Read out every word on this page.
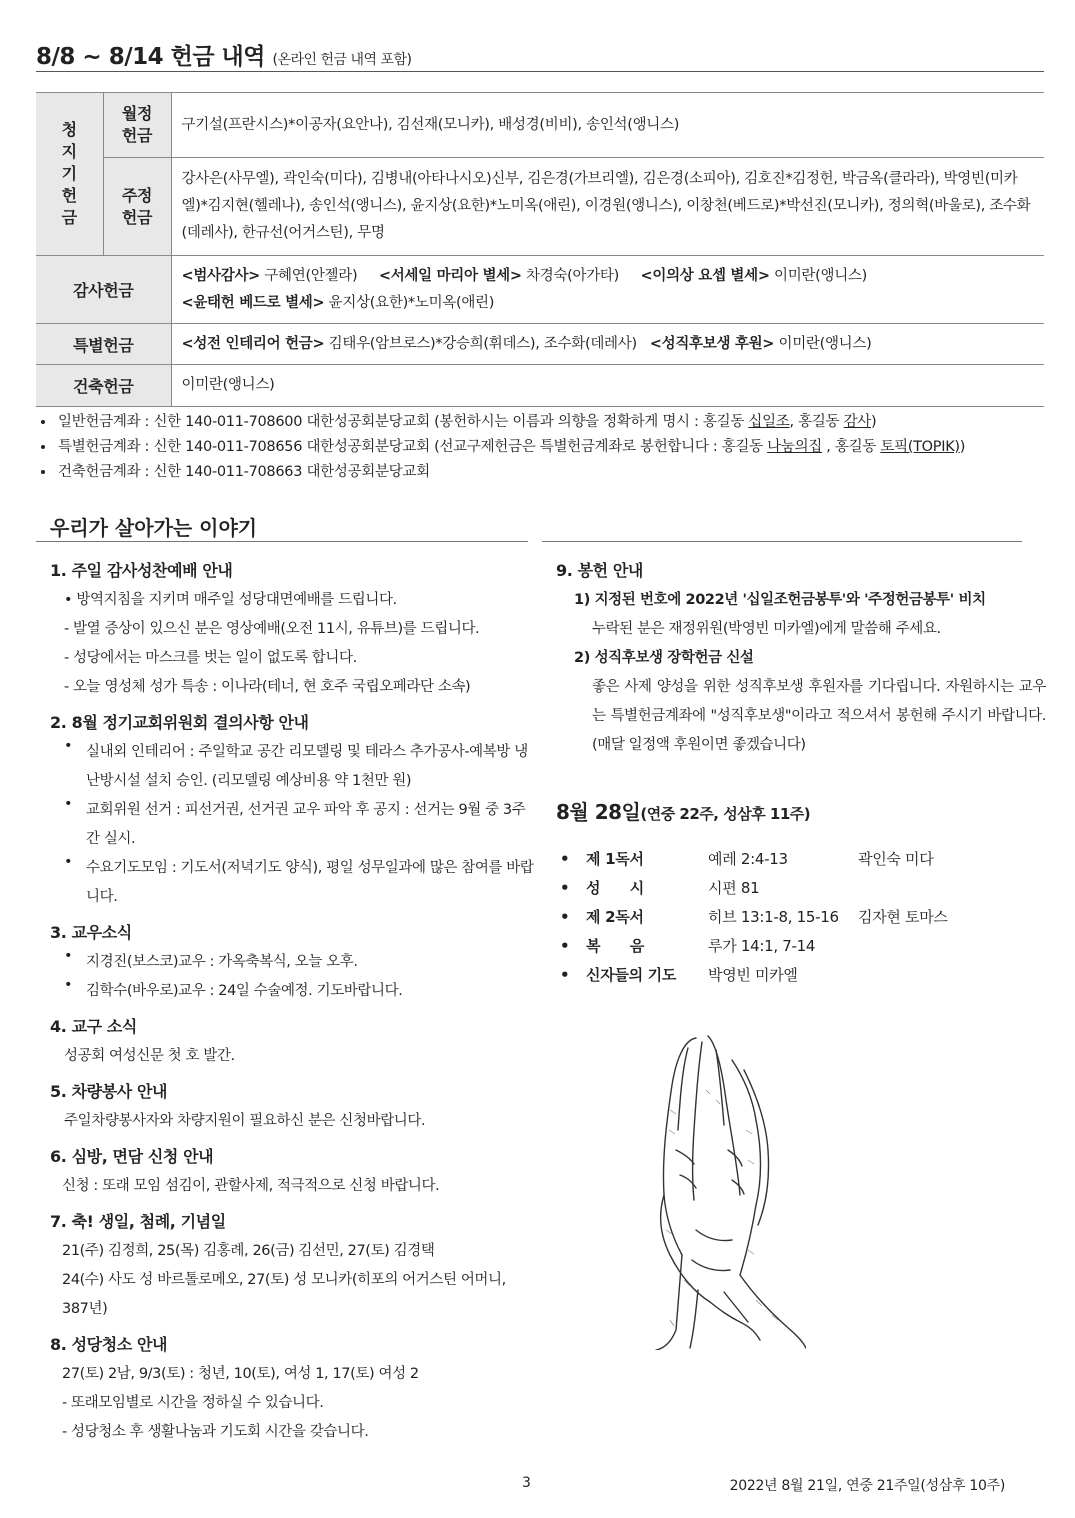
8/8 ~ 8/14 헌금 내역 (온라인 헌금 내역 포함)
청지기헌금	월정헌금	구기설(프란시스)*이공자(요안나), 김선재(모니카), 배성경(비비), 송인석(앵니스)
	주정헌금	강사은(사무엘), 곽인숙(미다), 김병내(아타나시오)신부, 김은경(가브리엘), 김은경(소피아), 김호진*김정헌, 박금옥(클라라), 박영빈(미카엘)*김지현(헬레나), 송인석(앵니스), 윤지상(요한)*노미옥(애린), 이경원(앵니스), 이창천(베드로)*박선진(모니카), 정의혁(바울로), 조수화(데레사), 한규선(어거스틴), 무명
감사헌금		<범사감사> 구혜연(안젤라) <서세일 마리아 별세> 차경숙(아가타) <이의상 요셉 별세> 이미란(앵니스)
<윤태헌 베드로 별세> 윤지상(요한)*노미옥(애린)
특별헌금		<성전 인테리어 헌금> 김태우(암브로스)*강승희(휘데스), 조수화(데레사) <성직후보생 후원> 이미란(앵니스)
건축헌금		이미란(앵니스)
• 일반헌금계좌 : 신한 140-011-708600 대한성공회분당교회 (봉헌하시는 이름과 의향을 정확하게 명시 : 홍길동 십일조, 홍길동 감사)
• 특별헌금계좌 : 신한 140-011-708656 대한성공회분당교회 (선교구제헌금은 특별헌금계좌로 봉헌합니다 : 홍길동 나눔의집 , 홍길동 토픽(TOPIK))
• 건축헌금계좌 : 신한 140-011-708663 대한성공회분당교회
우리가 살아가는 이야기
1. 주일 감사성찬예배 안내
• 방역지침을 지키며 매주일 성당대면예배를 드립니다.
- 발열 증상이 있으신 분은 영상예배(오전 11시, 유튜브)를 드립니다.
- 성당에서는 마스크를 벗는 일이 없도록 합니다.
- 오늘 영성체 성가 특송 : 이나라(테너, 현 호주 국립오페라단 소속)
2. 8월 정기교회위원회 결의사항 안내
• 실내외 인테리어 : 주일학교 공간 리모델링 및 테라스 추가공사-예복방 냉난방시설 설치 승인. (리모델링 예상비용 약 1천만 원)
• 교회위원 선거 : 피선거권, 선거권 교우 파악 후 공지 : 선거는 9월 중 3주간 실시.
• 수요기도모임 : 기도서(저녁기도 양식), 평일 성무일과에 많은 참여를 바랍니다.
3. 교우소식
• 지경진(보스코)교우 : 가옥축복식, 오늘 오후.
• 김학수(바우로)교우 : 24일 수술예정. 기도바랍니다.
4. 교구 소식
성공회 여성신문 첫 호 발간.
5. 차량봉사 안내
주일차량봉사자와 차량지원이 필요하신 분은 신청바랍니다.
6. 심방, 면담 신청 안내
신청 : 또래 모임 섬김이, 관할사제, 적극적으로 신청 바랍니다.
7. 축! 생일, 첨례, 기념일
21(주) 김정희, 25(목) 김홍례, 26(금) 김선민, 27(토) 김경택
24(수) 사도 성 바르톨로메오, 27(토) 성 모니카(히포의 어거스틴 어머니, 387년)
8. 성당청소 안내
27(토) 2남, 9/3(토) : 청년, 10(토), 여성 1, 17(토) 여성 2
- 또래모임별로 시간을 정하실 수 있습니다.
- 성당청소 후 생활나눔과 기도회 시간을 갖습니다.
9. 봉헌 안내
1) 지정된 번호에 2022년 '십일조헌금봉투'와 '주정헌금봉투' 비치
누락된 분은 재정위원(박영빈 미카엘)에게 말씀해 주세요.
2) 성직후보생 장학헌금 신설
좋은 사제 양성을 위한 성직후보생 후원자를 기다립니다. 자원하시는 교우는 특별헌금계좌에 "성직후보생"이라고 적으셔서 봉헌해 주시기 바랍니다. (매달 일정액 후원이면 좋겠습니다)
8월 28일(연중 22주, 성삼후 11주)
•	제 1독서	예레 2:4-13	곽인숙 미다
•	성      시	시편 81	
•	제 2독서	히브 13:1-8, 15-16	김자현 토마스
•	복      음	루가 14:1, 7-14	
•	신자들의 기도	박영빈 미카엘	
3	2022년 8월 21일, 연중 21주일(성삼후 10주)
